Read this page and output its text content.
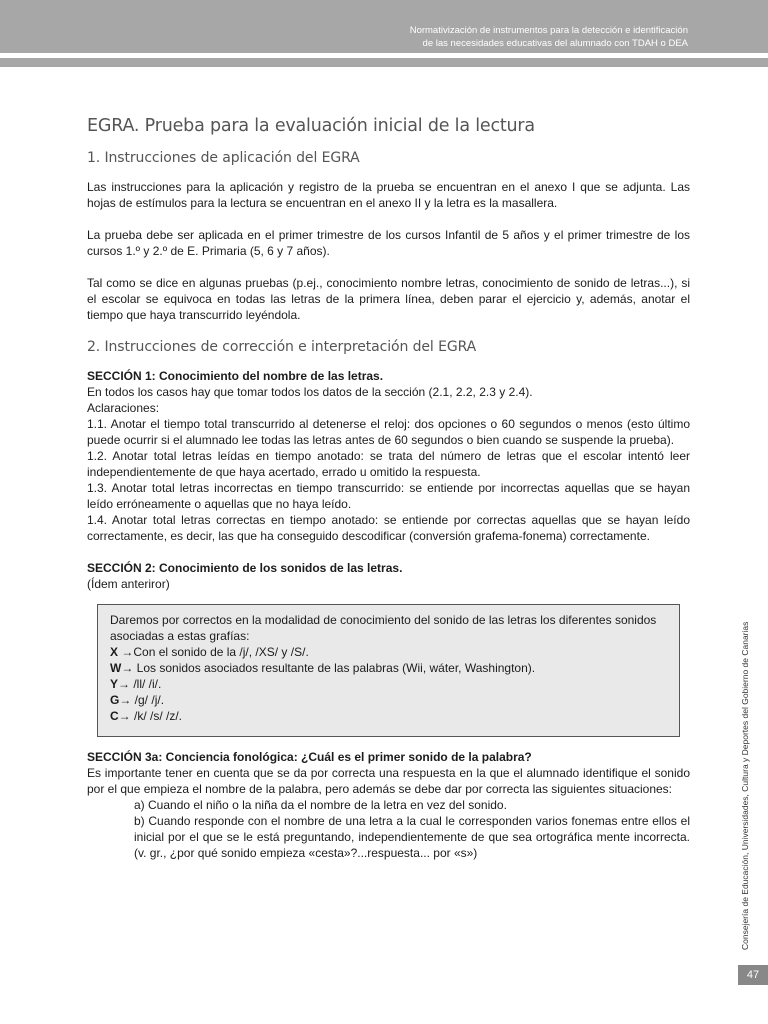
Normativización de instrumentos para la detección e identificación
de las necesidades educativas del alumnado con TDAH o DEA
EGRA. Prueba para la evaluación inicial de la lectura
1. Instrucciones de aplicación del EGRA

Las instrucciones para la aplicación y registro de la prueba se encuentran en el anexo I que se adjunta. Las hojas de estímulos para la lectura se encuentran en el anexo II y la letra es la masallera.

La prueba debe ser aplicada en el primer trimestre de los cursos Infantil de 5 años y el primer trimestre de los cursos 1.º y 2.º de E. Primaria (5, 6 y 7 años).

Tal como se dice en algunas pruebas (p.ej., conocimiento nombre letras, conocimiento de sonido de letras...), si el escolar se equivoca en todas las letras de la primera línea, deben parar el ejercicio y, además, anotar el tiempo que haya transcurrido leyéndola.

2. Instrucciones de corrección e interpretación del EGRA
SECCIÓN 1: Conocimiento del nombre de las letras.
En todos los casos hay que tomar todos los datos de la sección (2.1, 2.2, 2.3 y 2.4).
Aclaraciones:
1.1. Anotar el tiempo total transcurrido al detenerse el reloj: dos opciones o 60 segundos o menos (esto último puede ocurrir si el alumnado lee todas las letras antes de 60 segundos o bien cuando se suspende la prueba).
1.2. Anotar total letras leídas en tiempo anotado: se trata del número de letras que el escolar intentó leer independientemente de que haya acertado, errado u omitido la respuesta.
1.3. Anotar total letras incorrectas en tiempo transcurrido: se entiende por incorrectas aquellas que se hayan leído erróneamente o aquellas que no haya leído.
1.4. Anotar total letras correctas en tiempo anotado: se entiende por correctas aquellas que se hayan leído correctamente, es decir, las que ha conseguido descodificar (conversión grafema-fonema) correctamente.
SECCIÓN 2: Conocimiento de los sonidos de las letras.
(Ídem anteriror)
Daremos por correctos en la modalidad de conocimiento del sonido de las letras los diferentes sonidos asociadas a estas grafías:
X →Con el sonido de la /j/, /XS/ y /S/.
W→ Los sonidos asociados resultante de las palabras (Wii, wáter, Washington).
Y→ /ll/ /i/.
G→ /g/ /j/.
C→ /k/ /s/ /z/.
SECCIÓN 3a: Conciencia fonológica: ¿Cuál es el primer sonido de la palabra?
Es importante tener en cuenta que se da por correcta una respuesta en la que el alumnado identifique el sonido por el que empieza el nombre de la palabra, pero además se debe dar por correcta las siguientes situaciones:
a) Cuando el niño o la niña da el nombre de la letra en vez del sonido.
b) Cuando responde con el nombre de una letra a la cual le corresponden varios fonemas entre ellos el inicial por el que se le está preguntando, independientemente de que sea ortográfica mente incorrecta. (v. gr., ¿por qué sonido empieza «cesta»?...respuesta... por «s»)	Consejería de Educación, Universidades, Cultura y Deportes del Gobierno de Canarias
47
